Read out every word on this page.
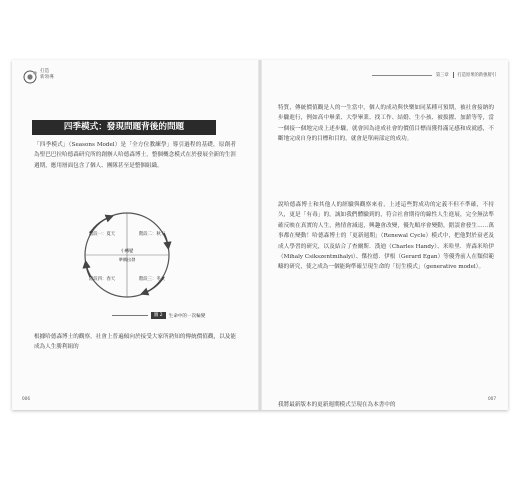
打造
新領導
四季模式：發現問題背後的問題
「四季模式」（Seasons Model）是「全方位教練學」導引過程的基礎，原創者為聖巴巴拉哈德森研究所的創辦人哈德森博士，整個概念模式在於發展全新的生涯週期，應用層面包含了個人、團隊甚至是整個組織。
階段一：夏天	階段二：秋天
階段三：冬天
階段四：春天
小轉變
準備出發
圖 2	生命中的一次輪變
根據哈德森博士的觀察，社會上普遍傾向於接受大家所熟知的傳統價值觀，以及能成為人生勝利組的
006
第三章 打造原果的新強層引
特質，傳統價值觀是人的一生當中，個人的成功與快樂如同某種可預期，被社會接納的步驟進行，例如高中畢業、大學畢業、找工作、結婚、生小孩、被拔擢、加薪等等，當一個接一個地完成上述步驟，就會因為達成社會的價值目標而獲得滿足感和成就感，不斷地完成自身的目標和目的，就會是單兩部定的成功。
說哈德森博士和其他人的經驗與觀察來看，上述這些對成功的定義不但不準確，不持久，更是「有毒」的，誠如我們體驗到的，符合社會期待的線性人生進展，完全無法準確反映在真實的人生，熱情會減退，興趣會改變，優先順序會變動，錯誤會發生……萬事都在變動！哈德森博士的「更新週期」（Renewal Cycle）模式中，把他對於衰老及成人學習的研究，以及結合了查爾斯．漢迪（Charles Handy）、米哈里．齊森米哈伊（Mihaly Csikszentmihalyi）、傑拉德．伊根（Gerard Egan）等優秀前人在類似範疇的研究，使之成為一個能夠準確呈現生命的「衍生模式」（generative model）。
我將最新版本的更新週期模式呈現在為本書中的
007
